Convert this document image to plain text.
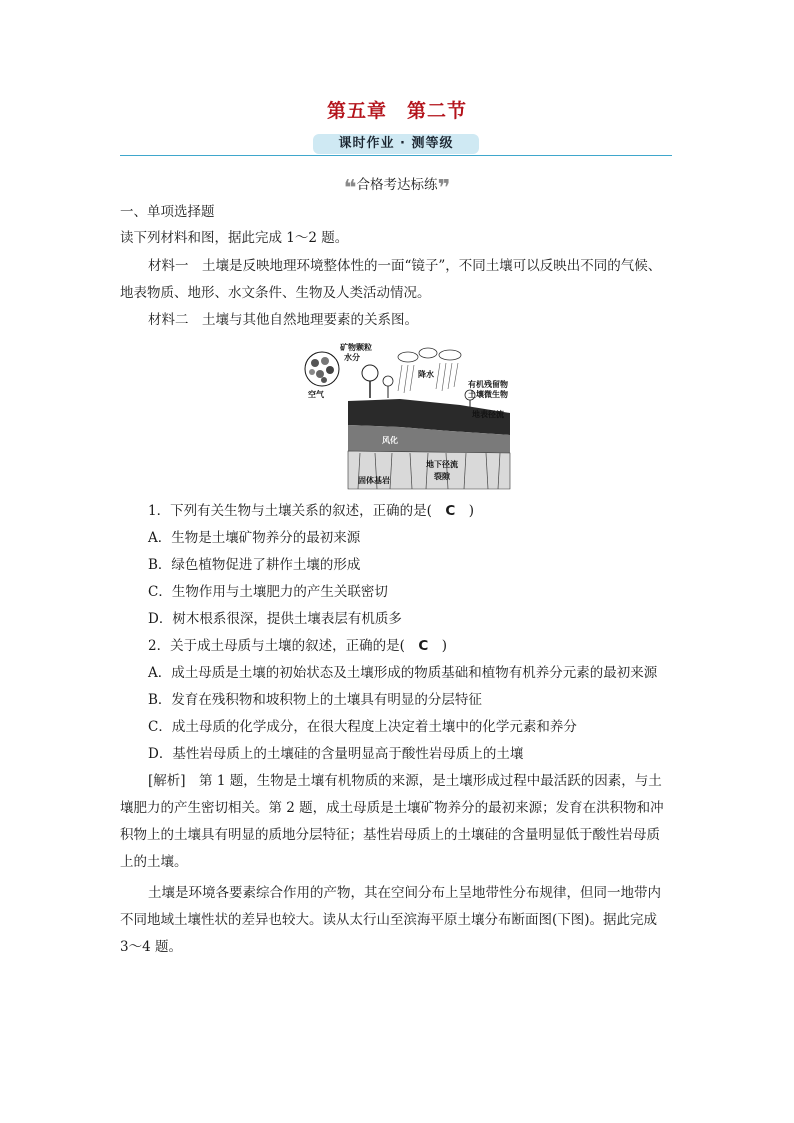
第五章　第二节
课时作业 · 测等级
❝合格考达标练❞
一、单项选择题
读下列材料和图，据此完成 1～2 题。
材料一　土壤是反映地理环境整体性的一面“镜子”，不同土壤可以反映出不同的气候、
地表物质、地形、水文条件、生物及人类活动情况。
材料二　土壤与其他自然地理要素的关系图。
矿物颗粒
水分
空气
降水
有机残留物
土壤微生物
地表径流
风化
地下径流
裂隙
固体基岩
1．下列有关生物与土壤关系的叙述，正确的是(　C　)
A．生物是土壤矿物养分的最初来源
B．绿色植物促进了耕作土壤的形成
C．生物作用与土壤肥力的产生关联密切
D．树木根系很深，提供土壤表层有机质多
2．关于成土母质与土壤的叙述，正确的是(　C　)
A．成土母质是土壤的初始状态及土壤形成的物质基础和植物有机养分元素的最初来源
B．发育在残积物和坡积物上的土壤具有明显的分层特征
C．成土母质的化学成分，在很大程度上决定着土壤中的化学元素和养分
D．基性岩母质上的土壤硅的含量明显高于酸性岩母质上的土壤
[解析]　第 1 题，生物是土壤有机物质的来源，是土壤形成过程中最活跃的因素，与土
壤肥力的产生密切相关。第 2 题，成土母质是土壤矿物养分的最初来源；发育在洪积物和冲
积物上的土壤具有明显的质地分层特征；基性岩母质上的土壤硅的含量明显低于酸性岩母质
上的土壤。
土壤是环境各要素综合作用的产物，其在空间分布上呈地带性分布规律，但同一地带内
不同地域土壤性状的差异也较大。读从太行山至滨海平原土壤分布断面图(下图)。据此完成
3～4 题。
